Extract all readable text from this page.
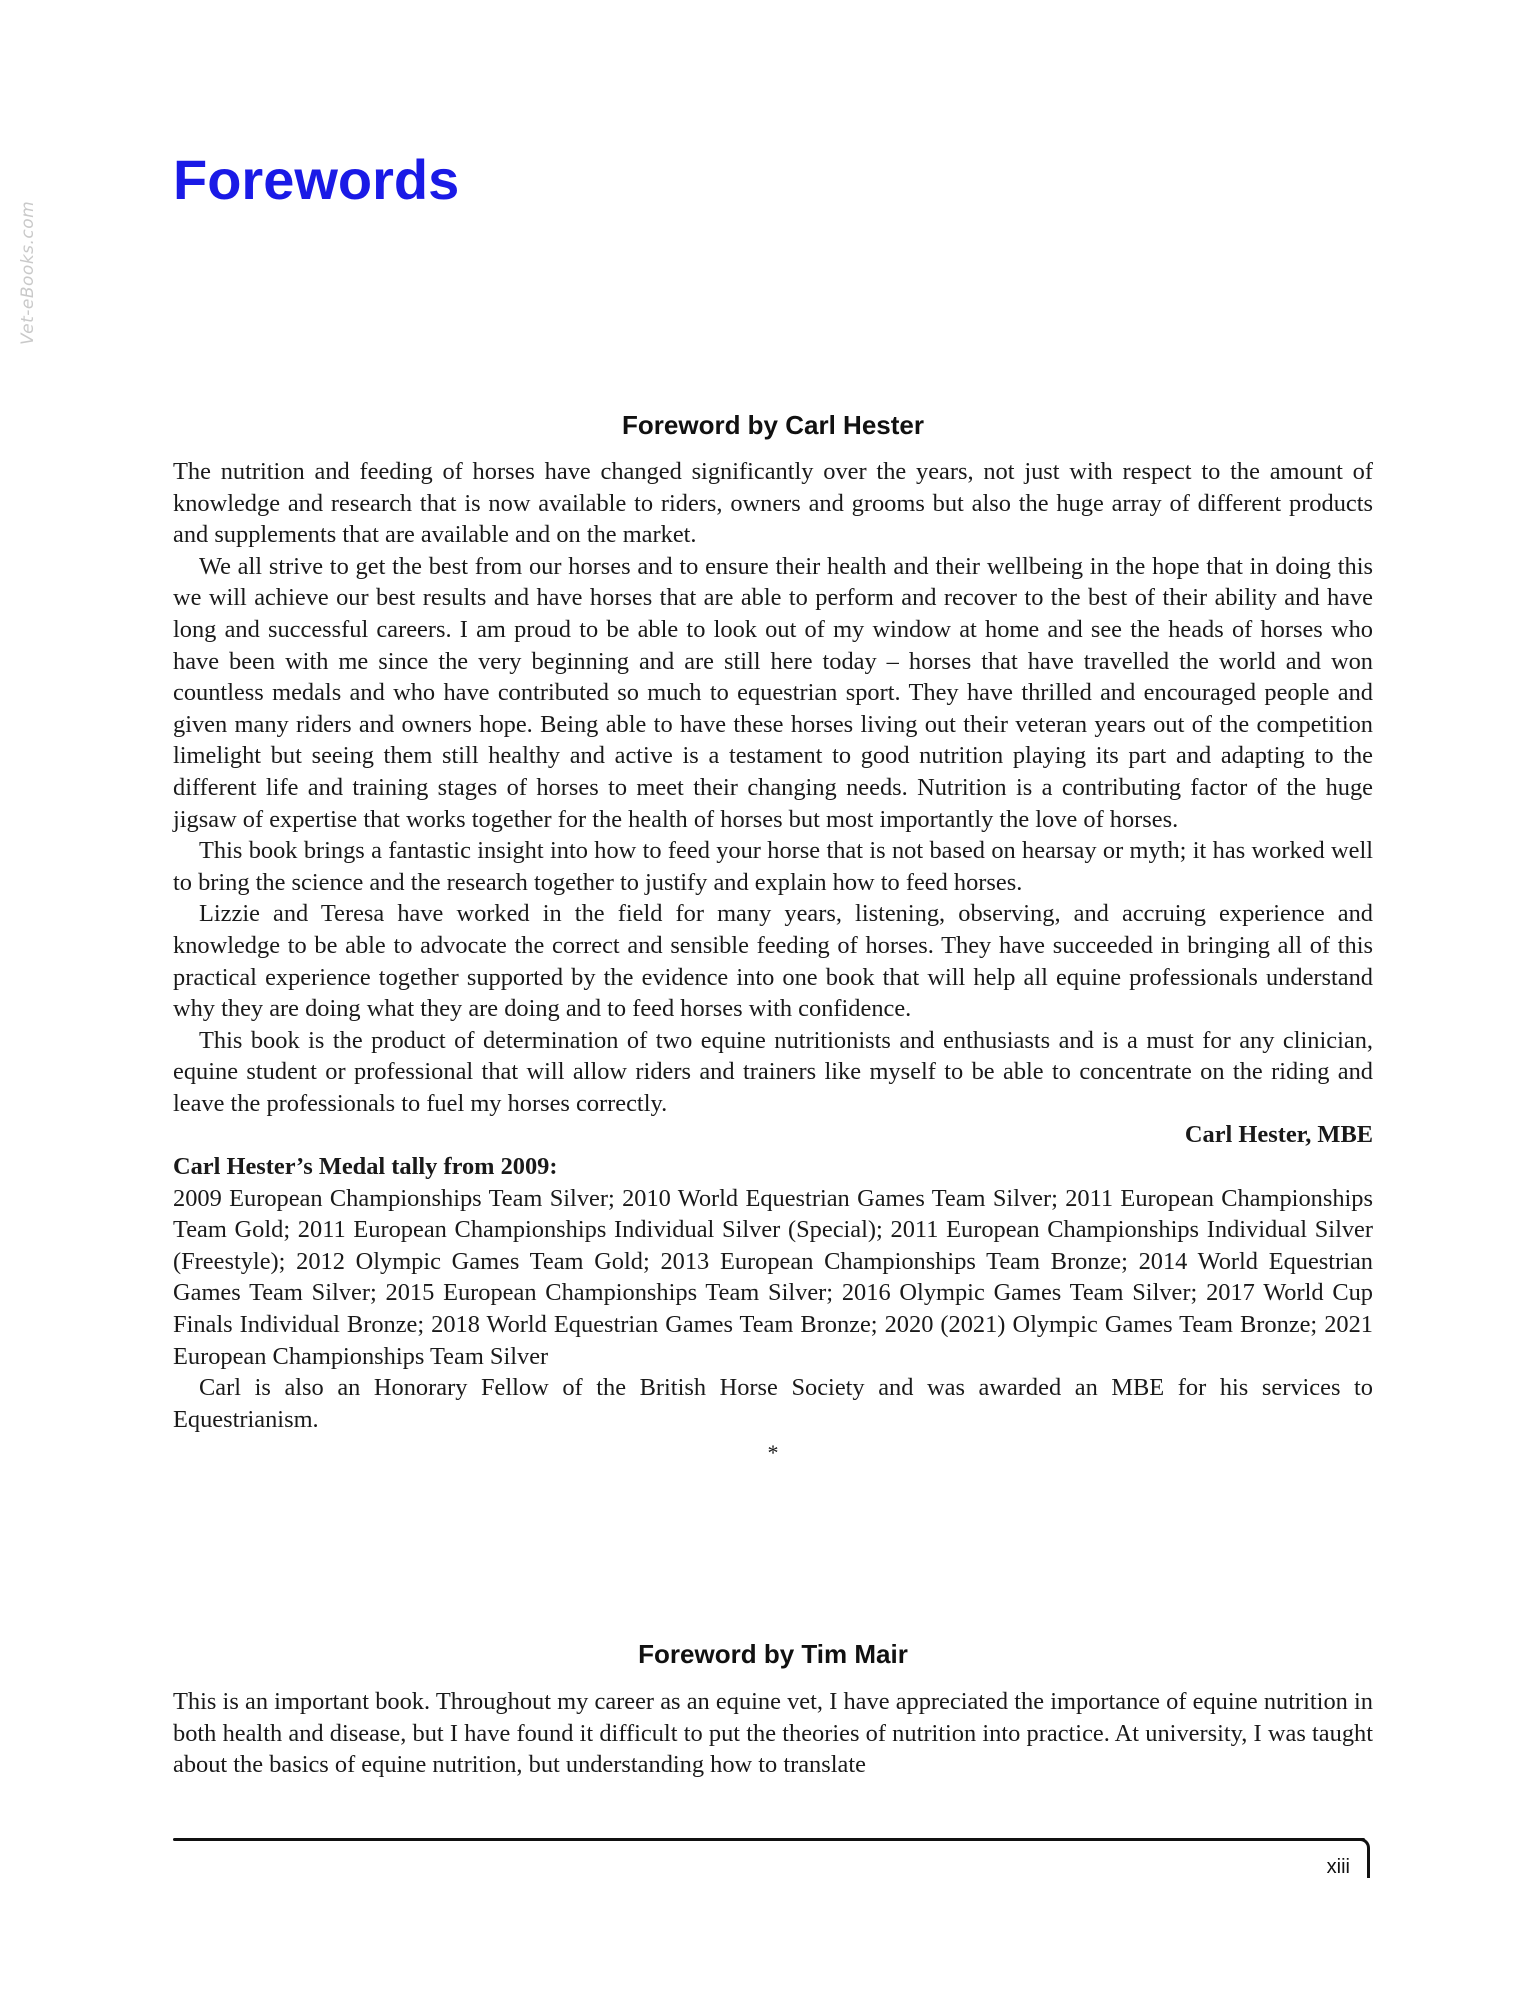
Vet-eBooks.com
Forewords
Foreword by Carl Hester

The nutrition and feeding of horses have changed significantly over the years, not just with respect to the amount of knowledge and research that is now available to riders, owners and grooms but also the huge array of different products and supplements that are available and on the market.

We all strive to get the best from our horses and to ensure their health and their wellbeing in the hope that in doing this we will achieve our best results and have horses that are able to perform and recover to the best of their ability and have long and successful careers. I am proud to be able to look out of my window at home and see the heads of horses who have been with me since the very beginning and are still here today – horses that have travelled the world and won countless medals and who have contributed so much to equestrian sport. They have thrilled and encouraged people and given many riders and owners hope. Being able to have these horses living out their veteran years out of the competition limelight but seeing them still healthy and active is a testament to good nutrition playing its part and adapting to the different life and training stages of horses to meet their changing needs. Nutrition is a contributing factor of the huge jigsaw of expertise that works together for the health of horses but most importantly the love of horses.

This book brings a fantastic insight into how to feed your horse that is not based on hearsay or myth; it has worked well to bring the science and the research together to justify and explain how to feed horses.

Lizzie and Teresa have worked in the field for many years, listening, observing, and accruing experience and knowledge to be able to advocate the correct and sensible feeding of horses. They have succeeded in bringing all of this practical experience together supported by the evidence into one book that will help all equine professionals understand why they are doing what they are doing and to feed horses with confidence.

This book is the product of determination of two equine nutritionists and enthusiasts and is a must for any clinician, equine student or professional that will allow riders and trainers like myself to be able to concentrate on the riding and leave the professionals to fuel my horses correctly.

Carl Hester, MBE

Carl Hester’s Medal tally from 2009:

2009 European Championships Team Silver; 2010 World Equestrian Games Team Silver; 2011 European Championships Team Gold; 2011 European Championships Individual Silver (Special); 2011 European Championships Individual Silver (Freestyle); 2012 Olympic Games Team Gold; 2013 European Championships Team Bronze; 2014 World Equestrian Games Team Silver; 2015 European Championships Team Silver; 2016 Olympic Games Team Silver; 2017 World Cup Finals Individual Bronze; 2018 World Equestrian Games Team Bronze; 2020 (2021) Olympic Games Team Bronze; 2021 European Championships Team Silver

Carl is also an Honorary Fellow of the British Horse Society and was awarded an MBE for his services to Equestrianism.

*

Foreword by Tim Mair

This is an important book. Throughout my career as an equine vet, I have appreciated the importance of equine nutrition in both health and disease, but I have found it difficult to put the theories of nutrition into practice. At university, I was taught about the basics of equine nutrition, but understanding how to translate

xiii
